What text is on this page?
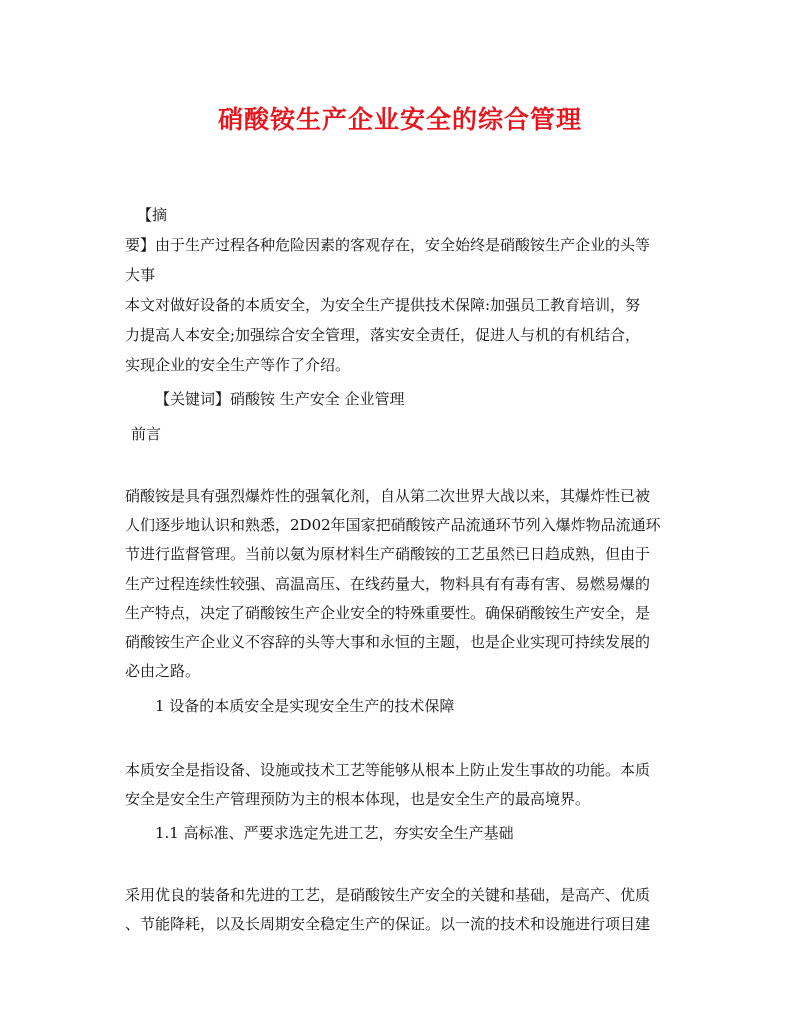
硝酸铵生产企业安全的综合管理
【摘
要】由于生产过程各种危险因素的客观存在，安全始终是硝酸铵生产企业的头等
大事
本文对做好设备的本质安全，为安全生产提供技术保障:加强员工教育培训，努
力提高人本安全;加强综合安全管理，落实安全责任，促进人与机的有机结合，
实现企业的安全生产等作了介绍。
【关键词】硝酸铵 生产安全 企业管理
前言
硝酸铵是具有强烈爆炸性的强氧化剂，自从第二次世界大战以来，其爆炸性已被
人们逐步地认识和熟悉，2D02年国家把硝酸铵产品流通环节列入爆炸物品流通环
节进行监督管理。当前以氨为原材料生产硝酸铵的工艺虽然已日趋成熟，但由于
生产过程连续性较强、高温高压、在线药量大，物料具有有毒有害、易燃易爆的
生产特点，决定了硝酸铵生产企业安全的特殊重要性。确保硝酸铵生产安全，是
硝酸铵生产企业义不容辞的头等大事和永恒的主题，也是企业实现可持续发展的
必由之路。
1 设备的本质安全是实现安全生产的技术保障
本质安全是指设备、设施或技术工艺等能够从根本上防止发生事故的功能。本质
安全是安全生产管理预防为主的根本体现，也是安全生产的最高境界。
1.1 高标准、严要求选定先进工艺，夯实安全生产基础
采用优良的装备和先进的工艺，是硝酸铵生产安全的关键和基础，是高产、优质
、节能降耗，以及长周期安全稳定生产的保证。以一流的技术和设施进行项目建
